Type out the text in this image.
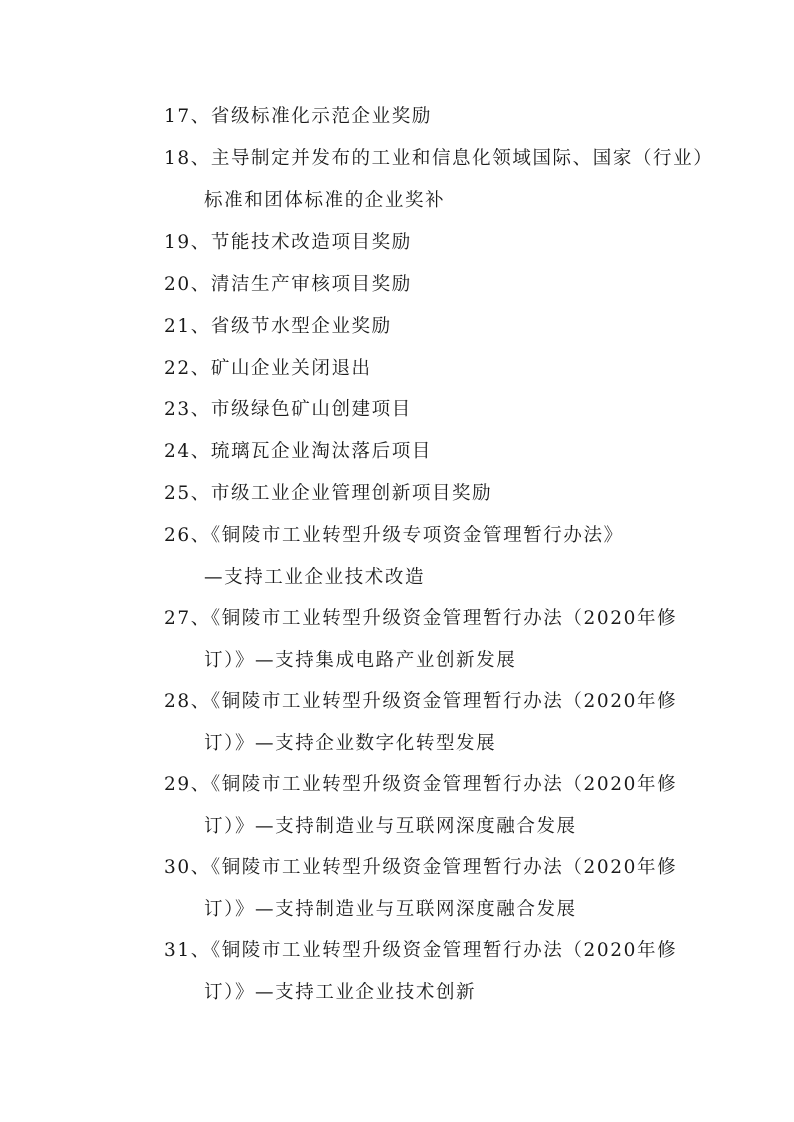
17、省级标准化示范企业奖励
18、主导制定并发布的工业和信息化领域国际、国家（行业）
标准和团体标准的企业奖补
19、节能技术改造项目奖励
20、清洁生产审核项目奖励
21、省级节水型企业奖励
22、矿山企业关闭退出
23、市级绿色矿山创建项目
24、琉璃瓦企业淘汰落后项目
25、市级工业企业管理创新项目奖励
26、《铜陵市工业转型升级专项资金管理暂行办法》
—支持工业企业技术改造
27、《铜陵市工业转型升级资金管理暂行办法（2020年修
订）》—支持集成电路产业创新发展
28、《铜陵市工业转型升级资金管理暂行办法（2020年修
订）》—支持企业数字化转型发展
29、《铜陵市工业转型升级资金管理暂行办法（2020年修
订）》—支持制造业与互联网深度融合发展
30、《铜陵市工业转型升级资金管理暂行办法（2020年修
订）》—支持制造业与互联网深度融合发展
31、《铜陵市工业转型升级资金管理暂行办法（2020年修
订）》—支持工业企业技术创新
